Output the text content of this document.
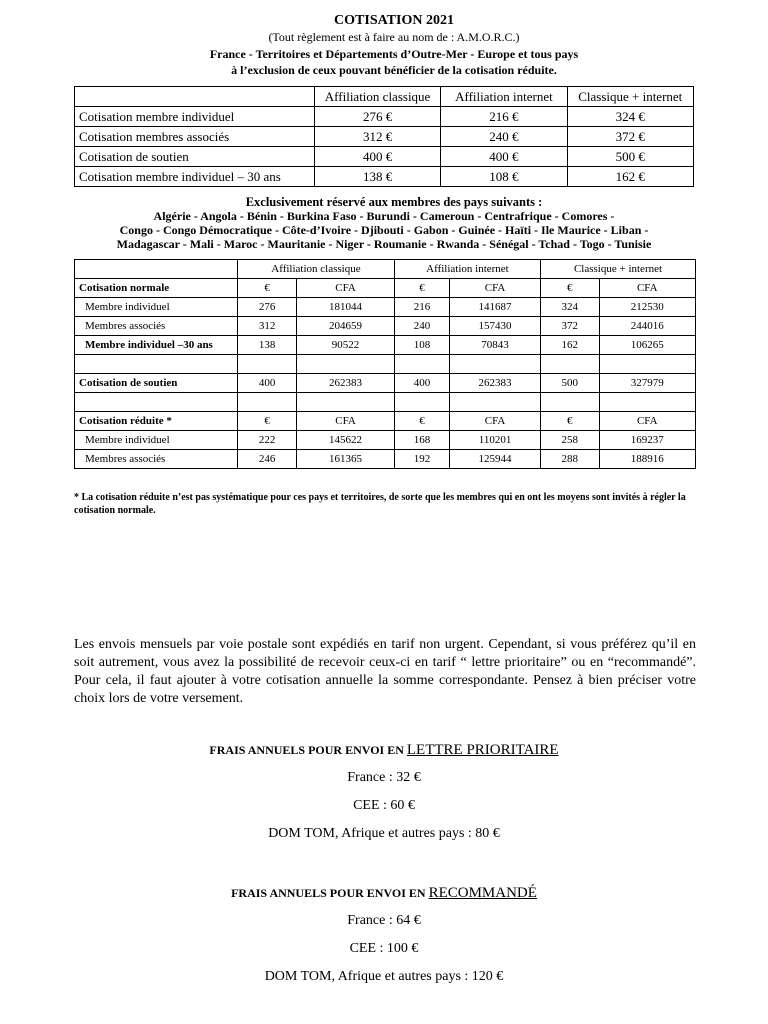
COTISATION 2021
(Tout règlement est à faire au nom de : A.M.O.R.C.)
France - Territoires et Départements d’Outre-Mer - Europe et tous pays
à l’exclusion de ceux pouvant bénéficier de la cotisation réduite.
	Affiliation classique	Affiliation internet	Classique + internet
Cotisation membre individuel	276 €	216 €	324 €
Cotisation membres associés	312 €	240 €	372 €
Cotisation de soutien	400 €	400 €	500 €
Cotisation membre individuel – 30 ans	138 €	108 €	162 €
Exclusivement réservé aux membres des pays suivants :
Algérie - Angola - Bénin - Burkina Faso - Burundi - Cameroun - Centrafrique - Comores -
Congo - Congo Démocratique - Côte-d’Ivoire - Djibouti - Gabon - Guinée - Haïti - Ile Maurice - Liban -
Madagascar - Mali - Maroc - Mauritanie - Niger - Roumanie - Rwanda - Sénégal - Tchad - Togo - Tunisie
	Affiliation classique		Affiliation internet		Classique + internet	
Cotisation normale	€	CFA	€	CFA	€	CFA
Membre individuel	276	181044	216	141687	324	212530
Membres associés	312	204659	240	157430	372	244016
Membre individuel –30 ans	138	90522	108	70843	162	106265

Cotisation de soutien	400	262383	400	262383	500	327979

Cotisation réduite *	€	CFA	€	CFA	€	CFA
Membre individuel	222	145622	168	110201	258	169237
Membres associés	246	161365	192	125944	288	188916
* La cotisation réduite n’est pas systématique pour ces pays et territoires, de sorte que les membres qui en ont les moyens sont invités à régler la cotisation normale.
Les envois mensuels par voie postale sont expédiés en tarif non urgent. Cependant, si vous préférez qu’il en soit autrement, vous avez la possibilité de recevoir ceux-ci en tarif “ lettre prioritaire” ou en “recommandé”. Pour cela, il faut ajouter à votre cotisation annuelle la somme correspondante. Pensez à bien préciser votre choix lors de votre versement.
FRAIS ANNUELS POUR ENVOI EN LETTRE PRIORITAIRE
France : 32 €
CEE : 60 €
DOM TOM, Afrique et autres pays : 80 €
FRAIS ANNUELS POUR ENVOI EN RECOMMANDÉ
France : 64 €
CEE : 100 €
DOM TOM, Afrique et autres pays : 120 €
